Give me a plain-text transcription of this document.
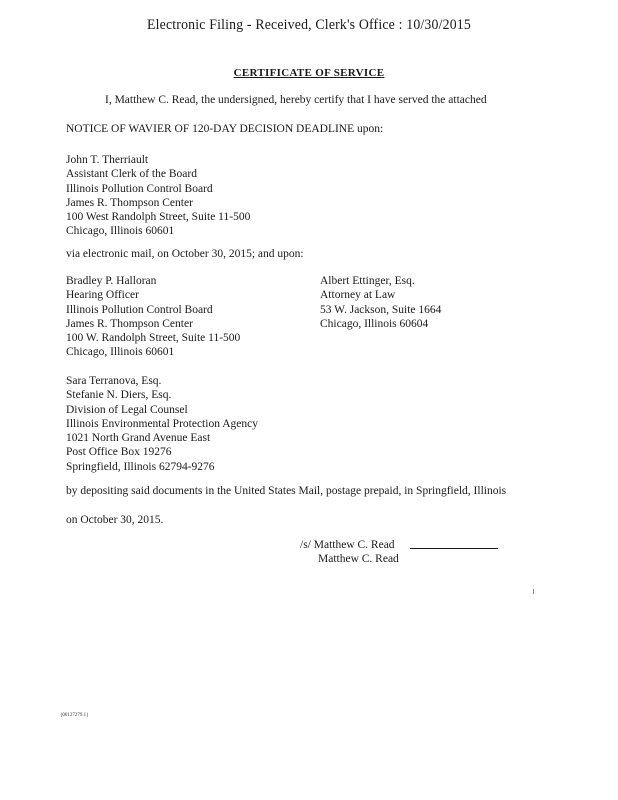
Electronic Filing - Received, Clerk's Office : 10/30/2015
CERTIFICATE OF SERVICE
I, Matthew C. Read, the undersigned, hereby certify that I have served the attached
NOTICE OF WAVIER OF 120-DAY DECISION DEADLINE upon:
John T. Therriault
Assistant Clerk of the Board
Illinois Pollution Control Board
James R. Thompson Center
100 West Randolph Street, Suite 11-500
Chicago, Illinois 60601
via electronic mail, on October 30, 2015; and upon:
Bradley P. Halloran
Hearing Officer
Illinois Pollution Control Board
James R. Thompson Center
100 W. Randolph Street, Suite 11-500
Chicago, Illinois 60601
Albert Ettinger, Esq.
Attorney at Law
53 W. Jackson, Suite 1664
Chicago, Illinois 60604
Sara Terranova, Esq.
Stefanie N. Diers, Esq.
Division of Legal Counsel
Illinois Environmental Protection Agency
1021 North Grand Avenue East
Post Office Box 19276
Springfield, Illinois 62794-9276
by depositing said documents in the United States Mail, postage prepaid, in Springfield, Illinois
on October 30, 2015.
/s/ Matthew C. Read
Matthew C. Read
{00127279.1}
